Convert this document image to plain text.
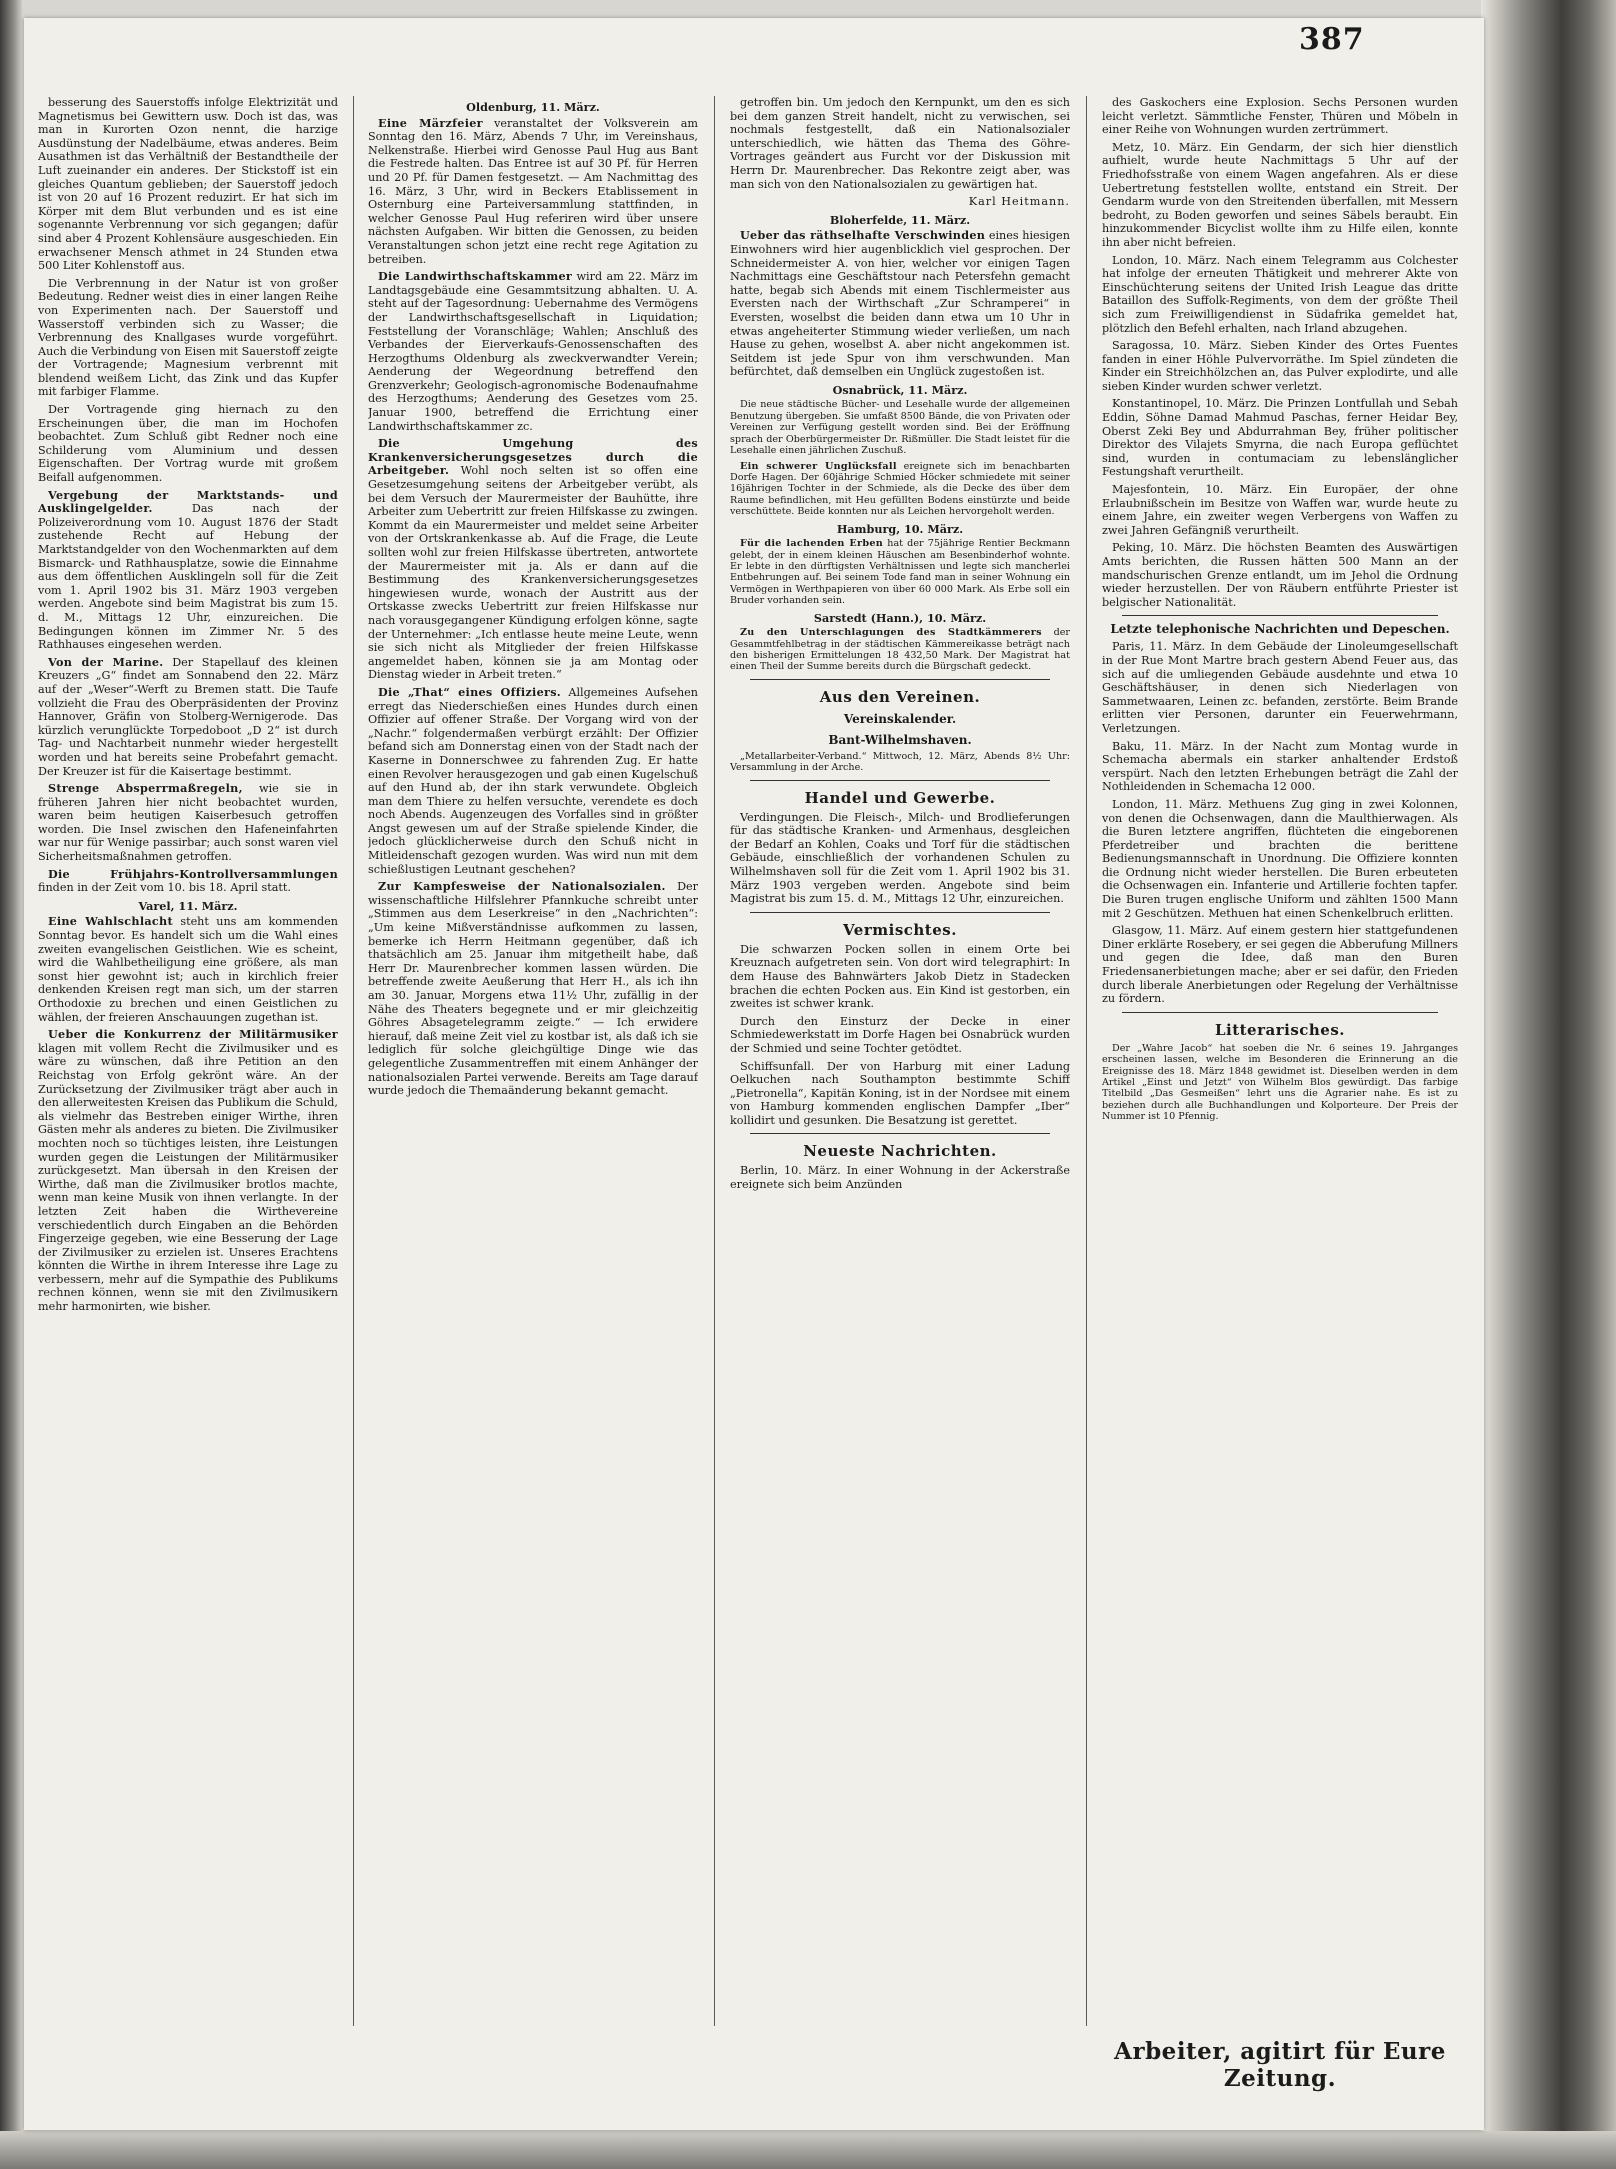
387

besserung des Sauerstoffs infolge Elektrizität und Magnetismus bei Gewittern usw. Doch ist das, was man in Kurorten Ozon nennt, die harzige Ausdünstung der Nadelbäume, etwas anderes. Beim Ausathmen ist das Verhältniß der Bestandtheile der Luft zueinander ein anderes. Der Stickstoff ist ein gleiches Quantum geblieben; der Sauerstoff jedoch ist von 20 auf 16 Prozent reduzirt. Er hat sich im Körper mit dem Blut verbunden und es ist eine sogenannte Verbrennung vor sich gegangen; dafür sind aber 4 Prozent Kohlensäure ausgeschieden. Ein erwachsener Mensch athmet in 24 Stunden etwa 500 Liter Kohlenstoff aus.

Die Verbrennung in der Natur ist von großer Bedeutung. Redner weist dies in einer langen Reihe von Experimenten nach. Der Sauerstoff und Wasserstoff verbinden sich zu Wasser; die Verbrennung des Knallgases wurde vorgeführt. Auch die Verbindung von Eisen mit Sauerstoff zeigte der Vortragende; Magnesium verbrennt mit blendend weißem Licht, das Zink und das Kupfer mit farbiger Flamme.

Der Vortragende ging hiernach zu den Erscheinungen über, die man im Hochofen beobachtet. Zum Schluß gibt Redner noch eine Schilderung vom Aluminium und dessen Eigenschaften. Der Vortrag wurde mit großem Beifall aufgenommen.

Vergebung der Marktstands- und Ausklingelgelder.	Das nach der Polizeiverordnung vom 10. August 1876 der Stadt zustehende Recht auf Hebung der Marktstandgelder von den Wochenmarkten auf dem Bismarck- und Rathhausplatze, sowie die Einnahme aus dem öffentlichen Ausklingeln soll für die Zeit vom 1. April 1902 bis 31. März 1903 vergeben werden. Angebote sind beim Magistrat bis zum 15. d. M., Mittags 12 Uhr, einzureichen. Die Bedingungen können im Zimmer Nr. 5 des Rathhauses eingesehen werden.

Von der Marine. Der Stapellauf des kleinen Kreuzers „G“ findet am Sonnabend den 22. März auf der „Weser“-Werft zu Bremen statt. Die Taufe vollzieht die Frau des Oberpräsidenten der Provinz Hannover, Gräfin von Stolberg-Wernigerode. Das kürzlich verunglückte Torpedoboot „D 2“ ist durch Tag- und Nachtarbeit nunmehr wieder hergestellt worden und hat bereits seine Probefahrt gemacht. Der Kreuzer ist für die Kaisertage bestimmt.

Strenge Absperrmaßregeln, wie sie in früheren Jahren hier nicht beobachtet wurden, waren beim heutigen Kaiserbesuch getroffen worden. Die Insel zwischen den Hafeneinfahrten war nur für Wenige passirbar; auch sonst waren viel Sicherheitsmaßnahmen getroffen.

Die Frühjahrs-Kontrollversammlungen finden in der Zeit vom 10. bis 18. April statt.

Varel, 11. März.

Eine Wahlschlacht steht uns am kommenden Sonntag bevor. Es handelt sich um die Wahl eines zweiten evangelischen Geistlichen. Wie es scheint, wird die Wahlbetheiligung eine größere, als man sonst hier gewohnt ist; auch in kirchlich freier denkenden Kreisen regt man sich, um der starren Orthodoxie zu brechen und einen Geistlichen zu wählen, der freieren Anschauungen zugethan ist.

Ueber die Konkurrenz der Militärmusiker klagen mit vollem Recht die Zivilmusiker und es wäre zu wünschen, daß ihre Petition an den Reichstag von Erfolg gekrönt wäre. An der Zurücksetzung der Zivilmusiker trägt aber auch in den allerweitesten Kreisen das Publikum die Schuld, als vielmehr das Bestreben einiger Wirthe, ihren Gästen mehr als anderes zu bieten. Die Zivilmusiker mochten noch so tüchtiges leisten, ihre Leistungen wurden gegen die Leistungen der Militärmusiker zurückgesetzt. Man übersah in den Kreisen der Wirthe, daß man die Zivilmusiker brotlos machte, wenn man keine Musik von ihnen verlangte. In der letzten Zeit haben die Wirthevereine verschiedentlich durch Eingaben an die Behörden Fingerzeige gegeben, wie eine Besserung der Lage der Zivilmusiker zu erzielen ist. Unseres Erachtens könnten die Wirthe in ihrem Interesse ihre Lage zu verbessern, mehr auf die Sympathie des Publikums rechnen können, wenn sie mit den Zivilmusikern mehr harmonirten, wie bisher.

Oldenburg, 11. März.

Eine Märzfeier veranstaltet der Volksverein am Sonntag den 16. März, Abends 7 Uhr, im Vereinshaus, Nelkenstraße. Hierbei wird Genosse Paul Hug aus Bant die Festrede halten. Das Entree ist auf 30 Pf. für Herren und 20 Pf. für Damen festgesetzt. — Am Nachmittag des 16. März, 3 Uhr, wird in Beckers Etablissement in Osternburg eine Parteiversammlung stattfinden, in welcher Genosse Paul Hug referiren wird über unsere nächsten Aufgaben. Wir bitten die Genossen, zu beiden Veranstaltungen schon jetzt eine recht rege Agitation zu betreiben.

Die Landwirthschaftskammer wird am 22. März im Landtagsgebäude eine Gesammtsitzung abhalten. U. A. steht auf der Tagesordnung: Uebernahme des Vermögens der Landwirthschaftsgesellschaft in Liquidation; Feststellung der Voranschläge; Wahlen; Anschluß des Verbandes der Eierverkaufs-Genossenschaften des Herzogthums Oldenburg als zweckverwandter Verein; Aenderung der Wegeordnung betreffend den Grenzverkehr; Geologisch-agronomische Bodenaufnahme des Herzogthums; Aenderung des Gesetzes vom 25. Januar 1900, betreffend die Errichtung einer Landwirthschaftskammer zc.

Die Umgehung des Krankenversicherungsgesetzes durch die Arbeitgeber. Wohl noch selten ist so offen eine Gesetzesumgehung seitens der Arbeitgeber verübt, als bei dem Versuch der Maurermeister der Bauhütte, ihre Arbeiter zum Uebertritt zur freien Hilfskasse zu zwingen. Kommt da ein Maurermeister und meldet seine Arbeiter von der Ortskrankenkasse ab. Auf die Frage, die Leute sollten wohl zur freien Hilfskasse übertreten, antwortete der Maurermeister mit ja. Als er dann auf die Bestimmung des Krankenversicherungsgesetzes hingewiesen wurde, wonach der Austritt aus der Ortskasse zwecks Uebertritt zur freien Hilfskasse nur nach vorausgegangener Kündigung erfolgen könne, sagte der Unternehmer: „Ich entlasse heute meine Leute, wenn sie sich nicht als Mitglieder der freien Hilfskasse angemeldet haben, können sie ja am Montag oder Dienstag wieder in Arbeit treten.“

Die „That“ eines Offiziers. Allgemeines Aufsehen erregt das Niederschießen eines Hundes durch einen Offizier auf offener Straße. Der Vorgang wird von der „Nachr.“ folgendermaßen verbürgt erzählt: Der Offizier befand sich am Donnerstag einen von der Stadt nach der Kaserne in Donnerschwee zu fahrenden Zug. Er hatte einen Revolver herausgezogen und gab einen Kugelschuß auf den Hund ab, der ihn stark verwundete. Obgleich man dem Thiere zu helfen versuchte, verendete es doch noch Abends. Augenzeugen des Vorfalles sind in größter Angst gewesen um auf der Straße spielende Kinder, die jedoch glücklicherweise durch den Schuß nicht in Mitleidenschaft gezogen wurden. Was wird nun mit dem schießlustigen Leutnant geschehen?

Zur Kampfesweise der Nationalsozialen. Der wissenschaftliche Hilfslehrer Pfannkuche schreibt unter „Stimmen aus dem Leserkreise“ in den „Nachrichten“: „Um keine Mißverständnisse aufkommen zu lassen, bemerke ich Herrn Heitmann gegenüber, daß ich thatsächlich am 25. Januar ihm mitgetheilt habe, daß Herr Dr. Maurenbrecher kommen lassen würden. Die betreffende zweite Aeußerung that Herr H., als ich ihn am 30. Januar, Morgens etwa 11½ Uhr, zufällig in der Nähe des Theaters begegnete und er mir gleichzeitig Göhres Absagetelegramm zeigte.“ — Ich erwidere hierauf, daß meine Zeit viel zu kostbar ist, als daß ich sie lediglich für solche gleichgültige Dinge wie das gelegentliche Zusammentreffen mit einem Anhänger der nationalsozialen Partei verwende. Bereits am Tage darauf wurde jedoch die Themaänderung bekannt gemacht.

getroffen bin. Um jedoch den Kernpunkt, um den es sich bei dem ganzen Streit handelt, nicht zu verwischen, sei nochmals festgestellt, daß ein Nationalsozialer unterschiedlich, wie hätten das Thema des Göhre-Vortrages geändert aus Furcht vor der Diskussion mit Herrn Dr. Maurenbrecher. Das Rekontre zeigt aber, was man sich von den Nationalsozialen zu gewärtigen hat.

Karl Heitmann.
Bloherfelde, 11. März.

Ueber das räthselhafte Verschwinden eines hiesigen Einwohners wird hier augenblicklich viel gesprochen. Der Schneidermeister A. von hier, welcher vor einigen Tagen Nachmittags eine Geschäftstour nach Petersfehn gemacht hatte, begab sich Abends mit einem Tischlermeister aus Eversten nach der Wirthschaft „Zur Schramperei“ in Eversten, woselbst die beiden dann etwa um 10 Uhr in etwas angeheiterter Stimmung wieder verließen, um nach Hause zu gehen, woselbst A. aber nicht angekommen ist. Seitdem ist jede Spur von ihm verschwunden. Man befürchtet, daß demselben ein Unglück zugestoßen ist.

Osnabrück, 11. März.

Die neue städtische Bücher- und Lesehalle wurde der allgemeinen Benutzung übergeben. Sie umfaßt 8500 Bände, die von Privaten oder Vereinen zur Verfügung gestellt worden sind. Bei der Eröffnung sprach der Oberbürgermeister Dr. Rißmüller. Die Stadt leistet für die Lesehalle einen jährlichen Zuschuß.

Ein schwerer Unglücksfall ereignete sich im benachbarten Dorfe Hagen. Der 60jährige Schmied Höcker schmiedete mit seiner 16jährigen Tochter in der Schmiede, als die Decke des über dem Raume befindlichen, mit Heu gefüllten Bodens einstürzte und beide verschüttete. Beide konnten nur als Leichen hervorgeholt werden.

Hamburg, 10. März.

Für die lachenden Erben hat der 75jährige Rentier Beckmann gelebt, der in einem kleinen Häuschen am Besenbinderhof wohnte. Er lebte in den dürftigsten Verhältnissen und legte sich mancherlei Entbehrungen auf. Bei seinem Tode fand man in seiner Wohnung ein Vermögen in Werthpapieren von über 60 000 Mark. Als Erbe soll ein Bruder vorhanden sein.

Sarstedt (Hann.), 10. März.

Zu den Unterschlagungen des Stadtkämmerers der Gesammtfehlbetrag in der städtischen Kämmereikasse beträgt nach den bisherigen Ermittelungen 18 432,50 Mark. Der Magistrat hat einen Theil der Summe bereits durch die Bürgschaft gedeckt.

Aus den Vereinen.
Vereinskalender.
Bant-Wilhelmshaven.

„Metallarbeiter-Verband.“ Mittwoch, 12. März, Abends 8½ Uhr: Versammlung in der Arche.

Handel und Gewerbe.

Verdingungen. Die Fleisch-, Milch- und Brodlieferungen für das städtische Kranken- und Armenhaus, desgleichen der Bedarf an Kohlen, Coaks und Torf für die städtischen Gebäude, einschließlich der vorhandenen Schulen zu Wilhelmshaven soll für die Zeit vom 1. April 1902 bis 31. März 1903 vergeben werden. Angebote sind beim Magistrat bis zum 15. d. M., Mittags 12 Uhr, einzureichen.

Vermischtes.

Die schwarzen Pocken sollen in einem Orte bei Kreuznach aufgetreten sein. Von dort wird telegraphirt: In dem Hause des Bahnwärters Jakob Dietz in Stadecken brachen die echten Pocken aus. Ein Kind ist gestorben, ein zweites ist schwer krank.

Durch den Einsturz der Decke in einer Schmiedewerkstatt im Dorfe Hagen bei Osnabrück wurden der Schmied und seine Tochter getödtet.

Schiffsunfall. Der von Harburg mit einer Ladung Oelkuchen nach Southampton bestimmte Schiff „Pietronella“, Kapitän Koning, ist in der Nordsee mit einem von Hamburg kommenden englischen Dampfer „Iber“ kollidirt und gesunken. Die Besatzung ist gerettet.

Neueste Nachrichten.

Berlin, 10. März. In einer Wohnung in der Ackerstraße ereignete sich beim Anzünden

des Gaskochers eine Explosion. Sechs Personen wurden leicht verletzt. Sämmtliche Fenster, Thüren und Möbeln in einer Reihe von Wohnungen wurden zertrümmert.

Metz, 10. März. Ein Gendarm, der sich hier dienstlich aufhielt, wurde heute Nachmittags 5 Uhr auf der Friedhofsstraße von einem Wagen angefahren. Als er diese Uebertretung feststellen wollte, entstand ein Streit. Der Gendarm wurde von den Streitenden überfallen, mit Messern bedroht, zu Boden geworfen und seines Säbels beraubt. Ein hinzukommender Bicyclist wollte ihm zu Hilfe eilen, konnte ihn aber nicht befreien.

London, 10. März. Nach einem Telegramm aus Colchester hat infolge der erneuten Thätigkeit und mehrerer Akte von Einschüchterung seitens der United Irish League das dritte Bataillon des Suffolk-Regiments, von dem der größte Theil sich zum Freiwilligendienst in Südafrika gemeldet hat, plötzlich den Befehl erhalten, nach Irland abzugehen.

Saragossa, 10. März. Sieben Kinder des Ortes Fuentes fanden in einer Höhle Pulvervorräthe. Im Spiel zündeten die Kinder ein Streichhölzchen an, das Pulver explodirte, und alle sieben Kinder wurden schwer verletzt.

Konstantinopel, 10. März. Die Prinzen Lontfullah und Sebah Eddin, Söhne Damad Mahmud Paschas, ferner Heidar Bey, Oberst Zeki Bey und Abdurrahman Bey, früher politischer Direktor des Vilajets Smyrna, die nach Europa geflüchtet sind, wurden in contumaciam zu lebenslänglicher Festungshaft verurtheilt.

Majesfontein, 10. März. Ein Europäer, der ohne Erlaubnißschein im Besitze von Waffen war, wurde heute zu einem Jahre, ein zweiter wegen Verbergens von Waffen zu zwei Jahren Gefängniß verurtheilt.

Peking, 10. März. Die höchsten Beamten des Auswärtigen Amts berichten, die Russen hätten 500 Mann an der mandschurischen Grenze entlandt, um im Jehol die Ordnung wieder herzustellen. Der von Räubern entführte Priester ist belgischer Nationalität.

Letzte telephonische Nachrichten und Depeschen.

Paris, 11. März. In dem Gebäude der Linoleumgesellschaft in der Rue Mont Martre brach gestern Abend Feuer aus, das sich auf die umliegenden Gebäude ausdehnte und etwa 10 Geschäftshäuser, in denen sich Niederlagen von Sammetwaaren, Leinen zc. befanden, zerstörte. Beim Brande erlitten vier Personen, darunter ein Feuerwehrmann, Verletzungen.

Baku, 11. März. In der Nacht zum Montag wurde in Schemacha abermals ein starker anhaltender Erdstoß verspürt. Nach den letzten Erhebungen beträgt die Zahl der Nothleidenden in Schemacha 12 000.

London, 11. März. Methuens Zug ging in zwei Kolonnen, von denen die Ochsenwagen, dann die Maulthierwagen. Als die Buren letztere angriffen, flüchteten die eingeborenen Pferdetreiber und brachten die berittene Bedienungsmannschaft in Unordnung. Die Offiziere konnten die Ordnung nicht wieder herstellen. Die Buren erbeuteten die Ochsenwagen ein. Infanterie und Artillerie fochten tapfer. Die Buren trugen englische Uniform und zählten 1500 Mann mit 2 Geschützen. Methuen hat einen Schenkelbruch erlitten.

Glasgow, 11. März. Auf einem gestern hier stattgefundenen Diner erklärte Rosebery, er sei gegen die Abberufung Millners und gegen die Idee, daß man den Buren Friedensanerbietungen mache; aber er sei dafür, den Frieden durch liberale Anerbietungen oder Regelung der Verhältnisse zu fördern.

Litterarisches.

Der „Wahre Jacob“ hat soeben die Nr. 6 seines 19. Jahrganges erscheinen lassen, welche im Besonderen die Erinnerung an die Ereignisse des 18. März 1848 gewidmet ist. Dieselben werden in dem Artikel „Einst und Jetzt“ von Wilhelm Blos gewürdigt. Das farbige Titelbild „Das Gesmeißen“ lehrt uns die Agrarier nahe. Es ist zu beziehen durch alle Buchhandlungen und Kolporteure. Der Preis der Nummer ist 10 Pfennig.

Arbeiter, agitirt für Eure Zeitung.
